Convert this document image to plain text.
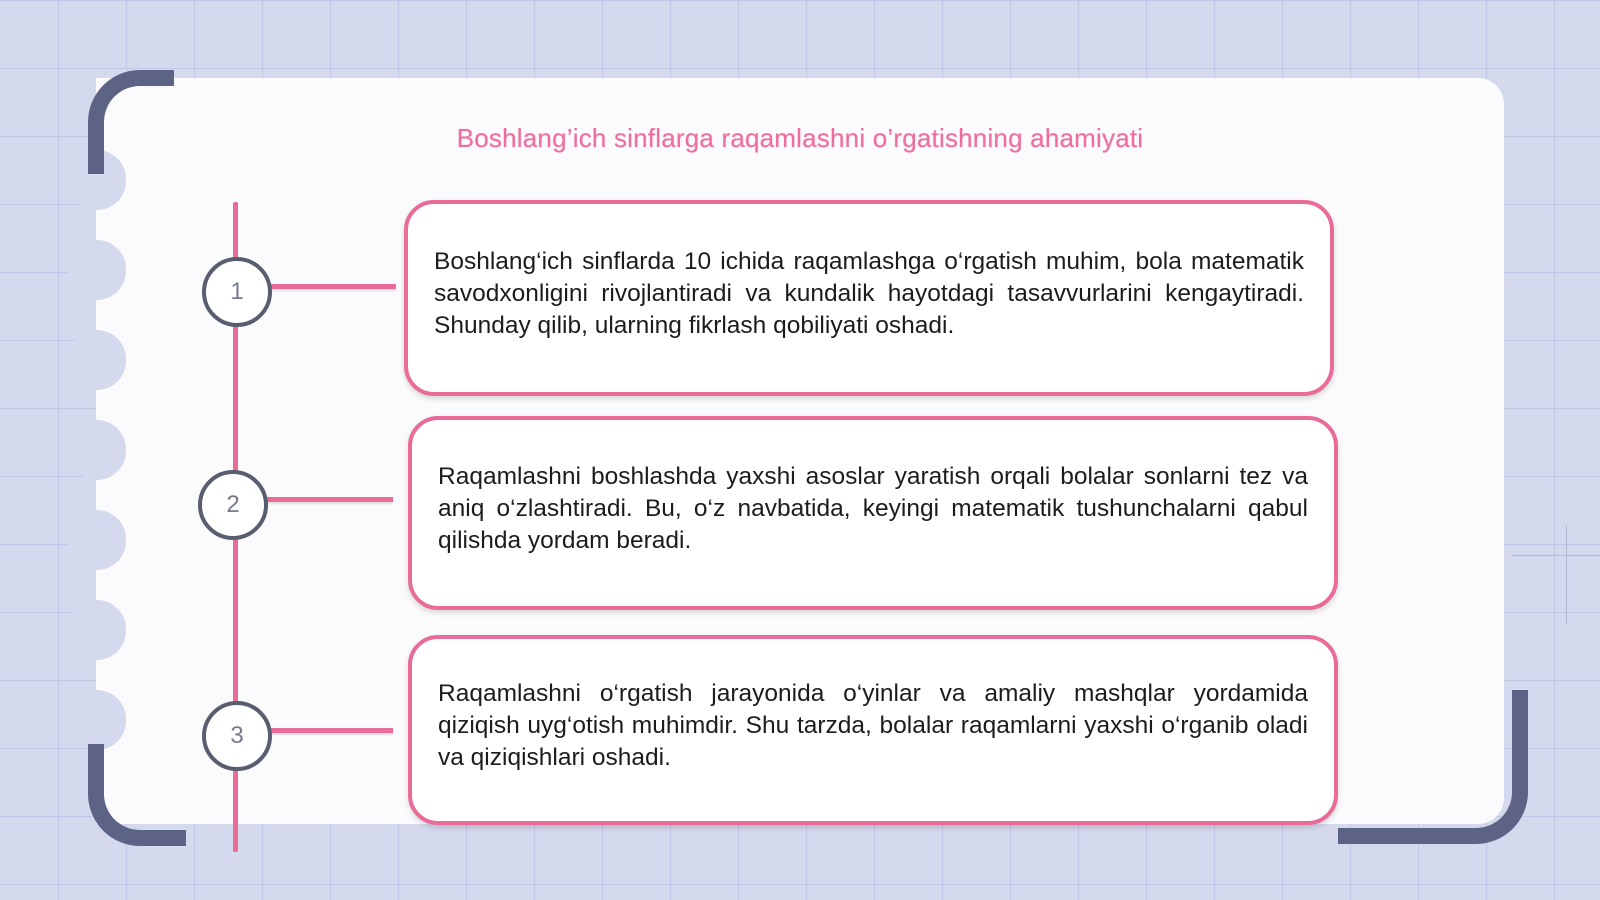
Boshlang’ich sinflarga raqamlashni o’rgatishning ahamiyati
1
2
3
Boshlang‘ich sinflarda 10 ichida raqamlashga o‘rgatish muhim, bola matematik savodxonligini rivojlantiradi va kundalik hayotdagi tasavvurlarini kengaytiradi. Shunday qilib, ularning fikrlash qobiliyati oshadi.
Raqamlashni boshlashda yaxshi asoslar yaratish orqali bolalar sonlarni tez va aniq o‘zlashtiradi. Bu, o‘z navbatida, keyingi matematik tushunchalarni qabul qilishda yordam beradi.
Raqamlashni o‘rgatish jarayonida o‘yinlar va amaliy mashqlar yordamida qiziqish uyg‘otish muhimdir. Shu tarzda, bolalar raqamlarni yaxshi o‘rganib oladi va qiziqishlari oshadi.
